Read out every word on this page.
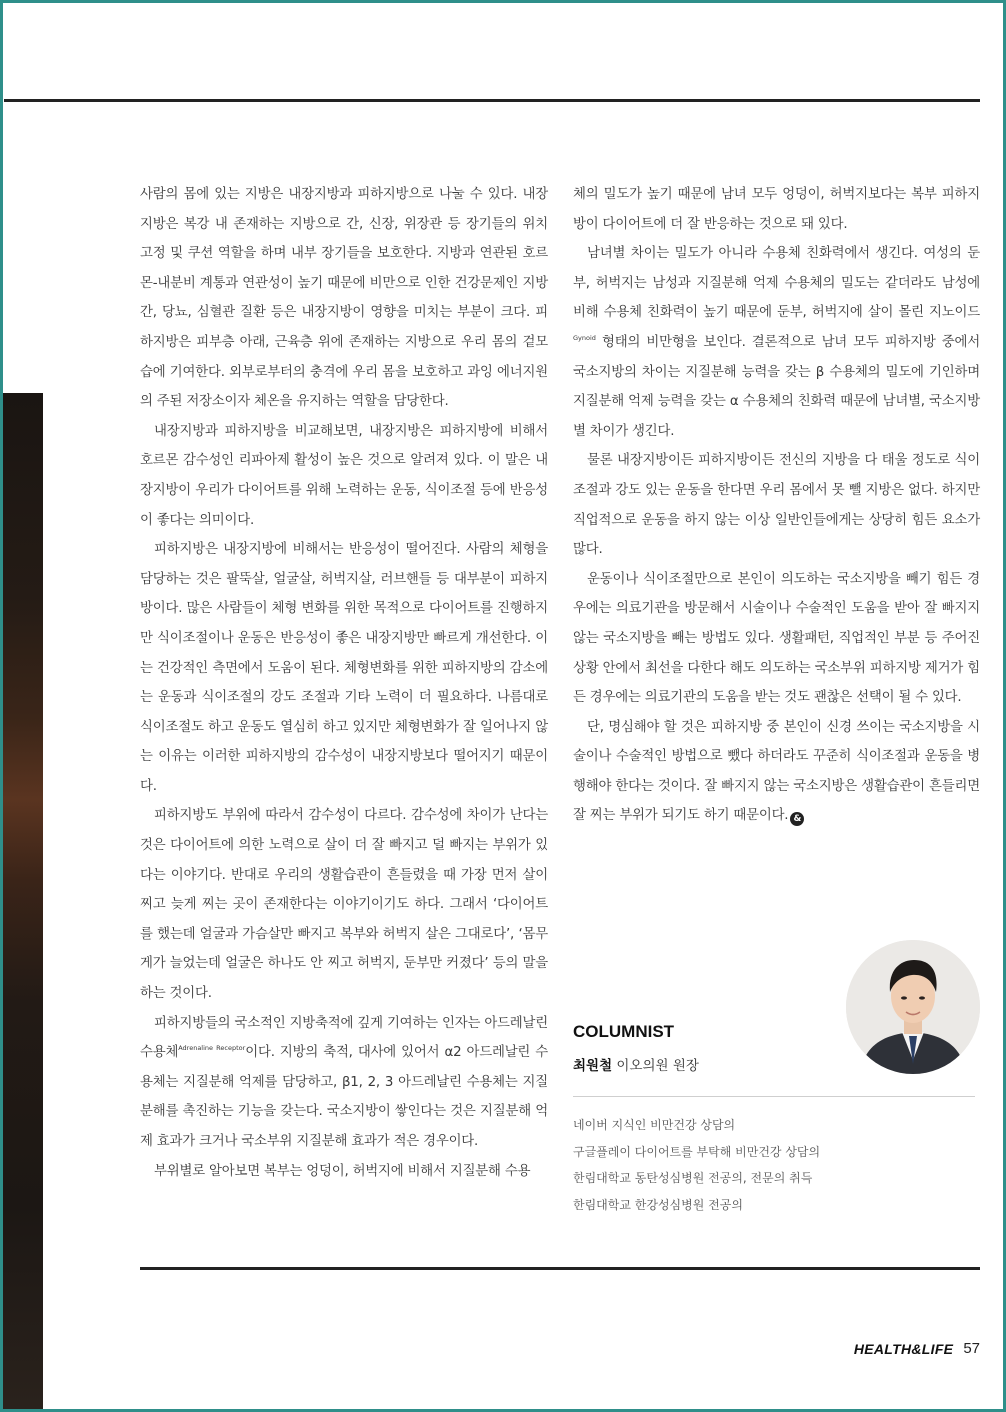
사람의 몸에 있는 지방은 내장지방과 피하지방으로 나눌 수 있다. 내장지방은 복강 내 존재하는 지방으로 간, 신장, 위장관 등 장기들의 위치 고정 및 쿠션 역할을 하며 내부 장기들을 보호한다. 지방과 연관된 호르몬-내분비 계통과 연관성이 높기 때문에 비만으로 인한 건강문제인 지방간, 당뇨, 심혈관 질환 등은 내장지방이 영향을 미치는 부분이 크다. 피하지방은 피부층 아래, 근육층 위에 존재하는 지방으로 우리 몸의 겉모습에 기여한다. 외부로부터의 충격에 우리 몸을 보호하고 과잉 에너지원의 주된 저장소이자 체온을 유지하는 역할을 담당한다.

내장지방과 피하지방을 비교해보면, 내장지방은 피하지방에 비해서 호르몬 감수성인 리파아제 활성이 높은 것으로 알려져 있다. 이 말은 내장지방이 우리가 다이어트를 위해 노력하는 운동, 식이조절 등에 반응성이 좋다는 의미이다.

피하지방은 내장지방에 비해서는 반응성이 떨어진다. 사람의 체형을 담당하는 것은 팔뚝살, 얼굴살, 허벅지살, 러브핸들 등 대부분이 피하지방이다. 많은 사람들이 체형 변화를 위한 목적으로 다이어트를 진행하지만 식이조절이나 운동은 반응성이 좋은 내장지방만 빠르게 개선한다. 이는 건강적인 측면에서 도움이 된다. 체형변화를 위한 피하지방의 감소에는 운동과 식이조절의 강도 조절과 기타 노력이 더 필요하다. 나름대로 식이조절도 하고 운동도 열심히 하고 있지만 체형변화가 잘 일어나지 않는 이유는 이러한 피하지방의 감수성이 내장지방보다 떨어지기 때문이다.

피하지방도 부위에 따라서 감수성이 다르다. 감수성에 차이가 난다는 것은 다이어트에 의한 노력으로 살이 더 잘 빠지고 덜 빠지는 부위가 있다는 이야기다. 반대로 우리의 생활습관이 흔들렸을 때 가장 먼저 살이 찌고 늦게 찌는 곳이 존재한다는 이야기이기도 하다. 그래서 ‘다이어트를 했는데 얼굴과 가슴살만 빠지고 복부와 허벅지 살은 그대로다’, ‘몸무게가 늘었는데 얼굴은 하나도 안 찌고 허벅지, 둔부만 커졌다’ 등의 말을 하는 것이다.

피하지방들의 국소적인 지방축적에 깊게 기여하는 인자는 아드레날린 수용체$^{Adrenaline Receptor}$이다. 지방의 축적, 대사에 있어서 α2 아드레날린 수용체는 지질분해 억제를 담당하고, β1, 2, 3 아드레날린 수용체는 지질분해를 촉진하는 기능을 갖는다. 국소지방이 쌓인다는 것은 지질분해 억제 효과가 크거나 국소부위 지질분해 효과가 적은 경우이다.

부위별로 알아보면 복부는 엉덩이, 허벅지에 비해서 지질분해 수용

체의 밀도가 높기 때문에 남녀 모두 엉덩이, 허벅지보다는 복부 피하지방이 다이어트에 더 잘 반응하는 것으로 돼 있다.

남녀별 차이는 밀도가 아니라 수용체 친화력에서 생긴다. 여성의 둔부, 허벅지는 남성과 지질분해 억제 수용체의 밀도는 같더라도 남성에 비해 수용체 친화력이 높기 때문에 둔부, 허벅지에 살이 몰린 지노이드$^{Gynoid}$ 형태의 비만형을 보인다. 결론적으로 남녀 모두 피하지방 중에서 국소지방의 차이는 지질분해 능력을 갖는 β 수용체의 밀도에 기인하며 지질분해 억제 능력을 갖는 α 수용체의 친화력 때문에 남녀별, 국소지방별 차이가 생긴다.

물론 내장지방이든 피하지방이든 전신의 지방을 다 태울 정도로 식이조절과 강도 있는 운동을 한다면 우리 몸에서 못 뺄 지방은 없다. 하지만 직업적으로 운동을 하지 않는 이상 일반인들에게는 상당히 힘든 요소가 많다.

운동이나 식이조절만으로 본인이 의도하는 국소지방을 빼기 힘든 경우에는 의료기관을 방문해서 시술이나 수술적인 도움을 받아 잘 빠지지 않는 국소지방을 빼는 방법도 있다. 생활패턴, 직업적인 부분 등 주어진 상황 안에서 최선을 다한다 해도 의도하는 국소부위 피하지방 제거가 힘든 경우에는 의료기관의 도움을 받는 것도 괜찮은 선택이 될 수 있다.

단, 명심해야 할 것은 피하지방 중 본인이 신경 쓰이는 국소지방을 시술이나 수술적인 방법으로 뺐다 하더라도 꾸준히 식이조절과 운동을 병행해야 한다는 것이다. 잘 빠지지 않는 국소지방은 생활습관이 흔들리면 잘 찌는 부위가 되기도 하기 때문이다. &

COLUMNIST
최원철 이오의원 원장
네이버 지식인 비만건강 상담의
구글플레이 다이어트를 부탁해 비만건강 상담의
한림대학교 동탄성심병원 전공의, 전문의 취득
한림대학교 한강성심병원 전공의
HEALTH&LIFE 57
